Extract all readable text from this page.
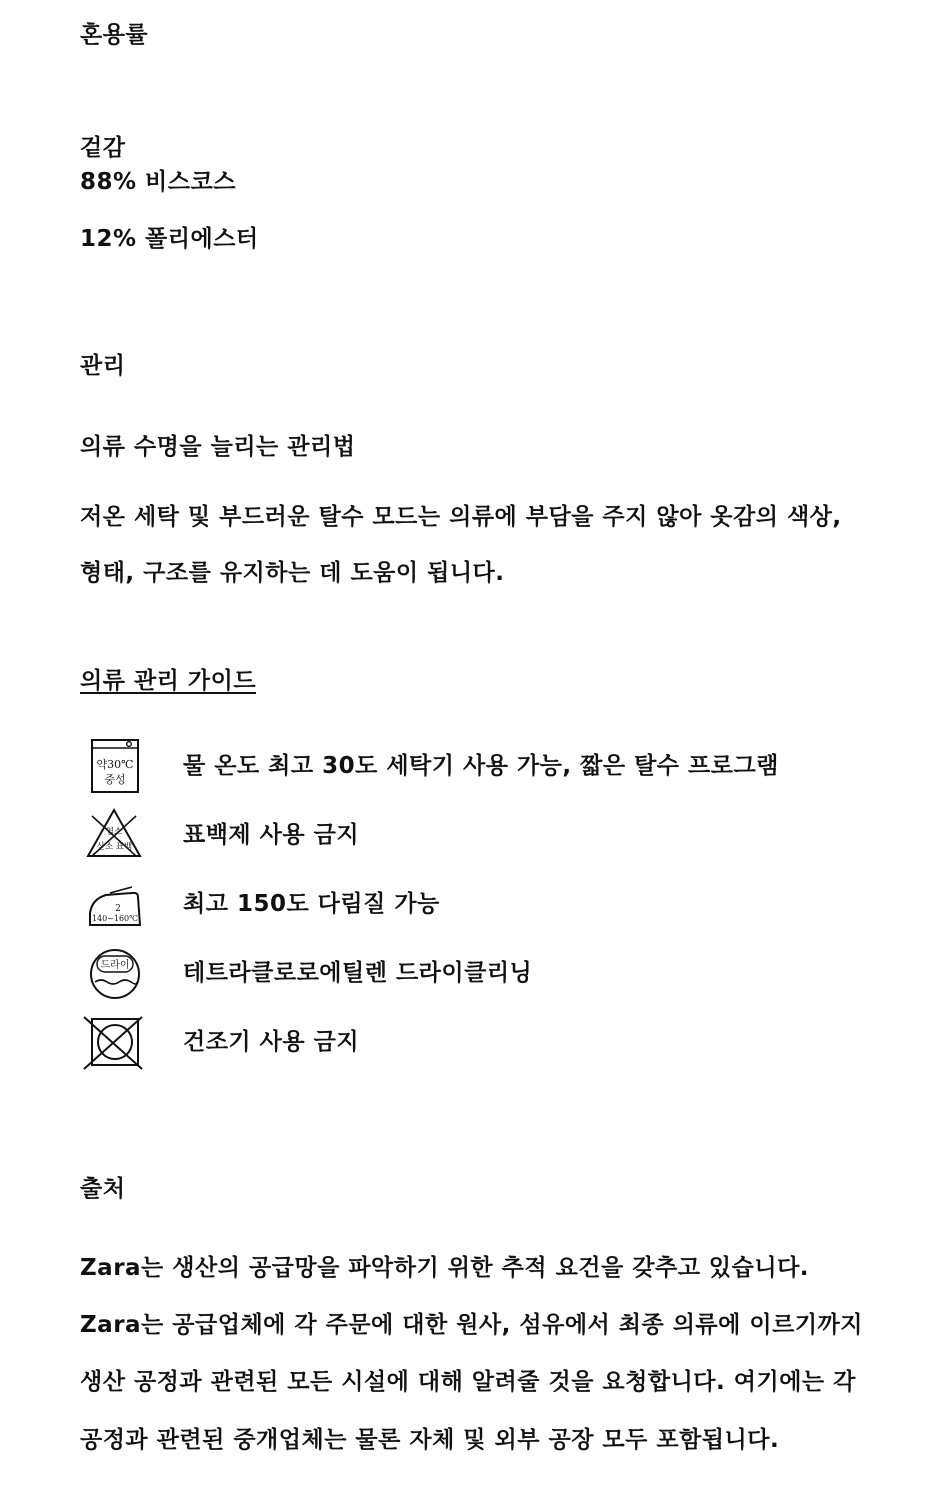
혼용률
겉감
88% 비스코스
12% 폴리에스터
관리
의류 수명을 늘리는 관리법
저온 세탁 및 부드러운 탈수 모드는 의류에 부담을 주지 않아 옷감의 색상,
형태, 구조를 유지하는 데 도움이 됩니다.
의류 관리 가이드
약30℃
중성
물 온도 최고 30도 세탁기 사용 가능, 짧은 탈수 프로그램
염소
산소 표백 표백제 사용 금지
2
140~160℃
최고 150도 다림질 가능
드라이 테트라클로로에틸렌 드라이클리닝
건조기 사용 금지
출처
Zara는 생산의 공급망을 파악하기 위한 추적 요건을 갖추고 있습니다.
Zara는 공급업체에 각 주문에 대한 원사, 섬유에서 최종 의류에 이르기까지
생산 공정과 관련된 모든 시설에 대해 알려줄 것을 요청합니다. 여기에는 각
공정과 관련된 중개업체는 물론 자체 및 외부 공장 모두 포함됩니다.
